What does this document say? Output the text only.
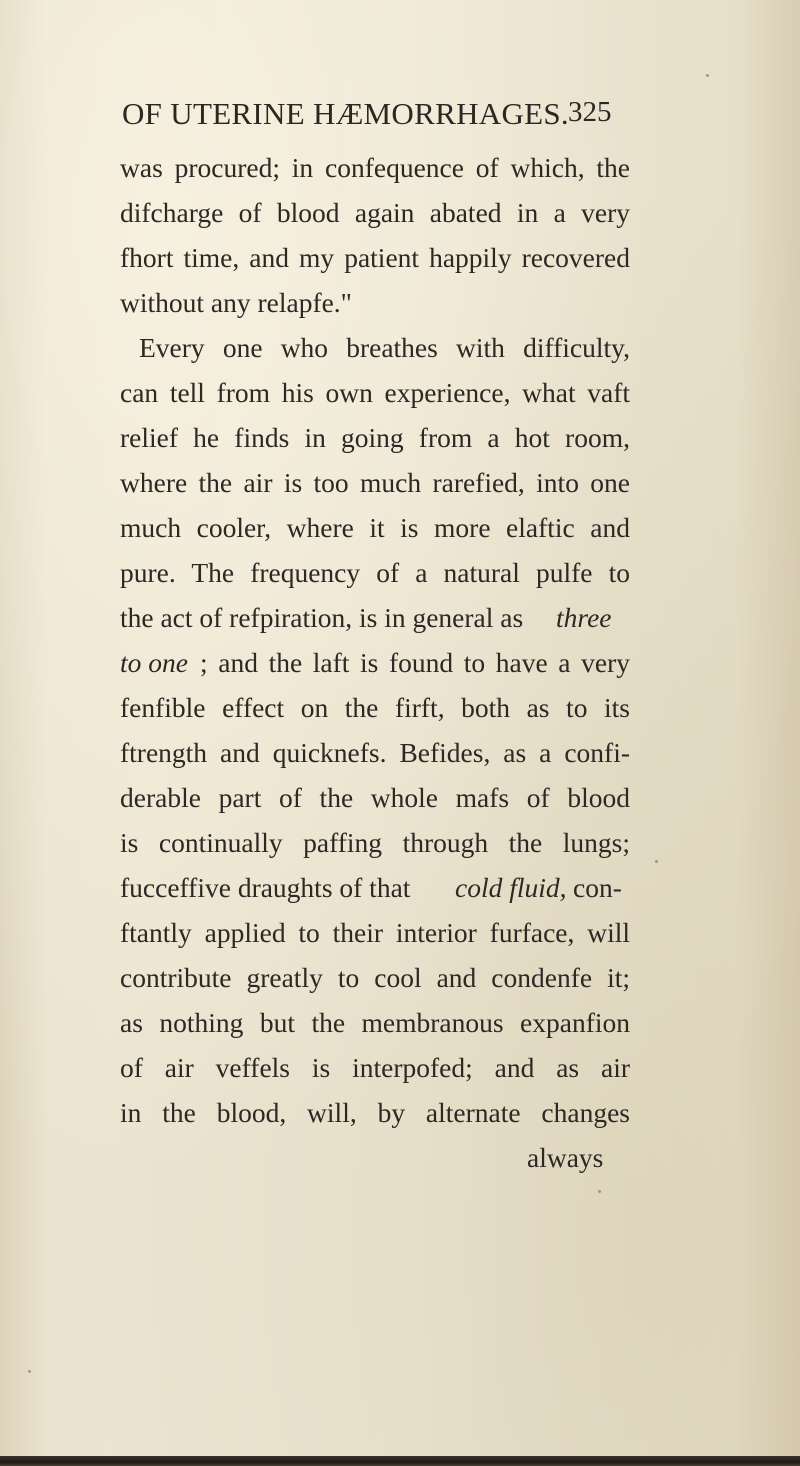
OF UTERINE HÆMORRHAGES. 325
was procured; in confequence of which, the
difcharge of blood again abated in a very
fhort time, and my patient happily recovered
without any relapfe."
Every one who breathes with difficulty,
can tell from his own experience, what vaft
relief he finds in going from a hot room,
where the air is too much rarefied, into one
much cooler, where it is more elaftic and
pure. The frequency of a natural pulfe to
the act of refpiration, is in general as three
to one ; and the laft is found to have a very
fenfible effect on the firft, both as to its
ftrength and quicknefs. Befides, as a confi-
derable part of the whole mafs of blood
is continually paffing through the lungs;
fucceffive draughts of that	cold fluid, con-
ftantly applied to their interior furface, will
contribute greatly to cool and condenfe it;
as nothing but the membranous expanfion
of air veffels is interpofed; and as air
in the blood, will, by alternate changes
always
